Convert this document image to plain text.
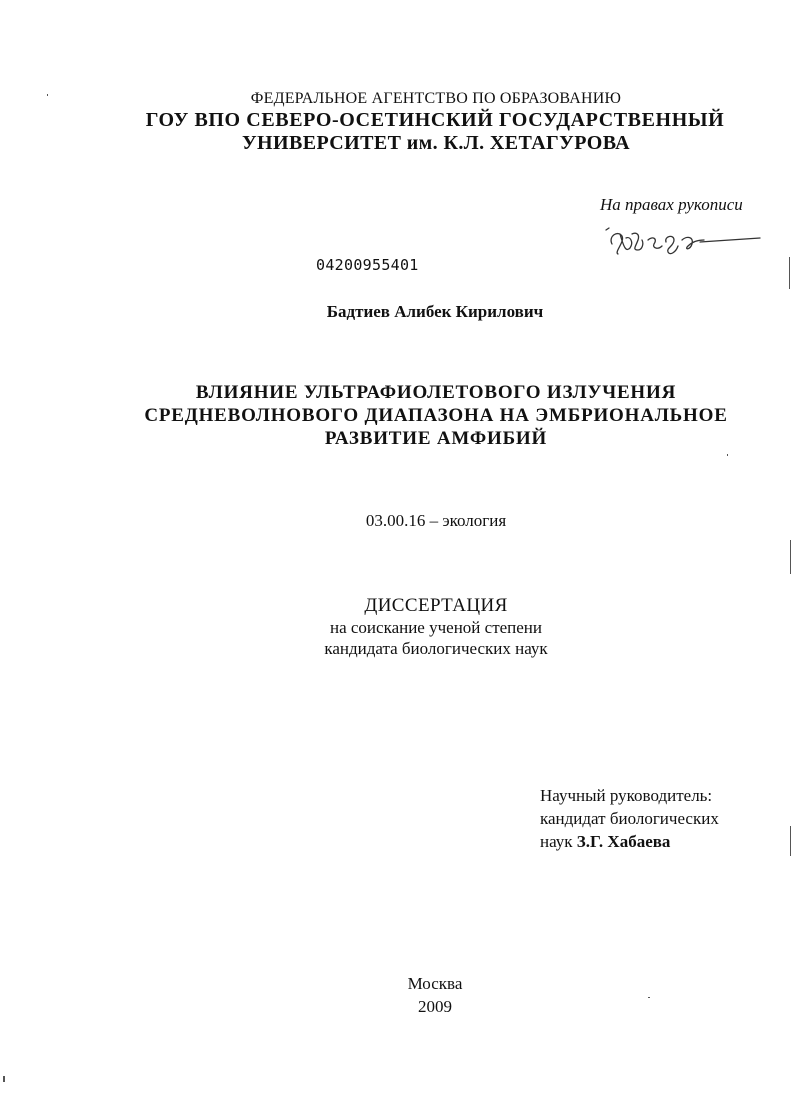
ФЕДЕРАЛЬНОЕ АГЕНТСТВО ПО ОБРАЗОВАНИЮ
ГОУ ВПО СЕВЕРО-ОСЕТИНСКИЙ ГОСУДАРСТВЕННЫЙ
УНИВЕРСИТЕТ им. К.Л. ХЕТАГУРОВА
На правах рукописи
04200955401
Бадтиев Алибек Кирилович
ВЛИЯНИЕ УЛЬТРАФИОЛЕТОВОГО ИЗЛУЧЕНИЯ
СРЕДНЕВОЛНОВОГО ДИАПАЗОНА НА ЭМБРИОНАЛЬНОЕ
РАЗВИТИЕ АМФИБИЙ
03.00.16 – экология
ДИССЕРТАЦИЯ
на соискание ученой степени
кандидата биологических наук
Научный руководитель:
кандидат биологических
наук З.Г. Хабаева
Москва
2009
